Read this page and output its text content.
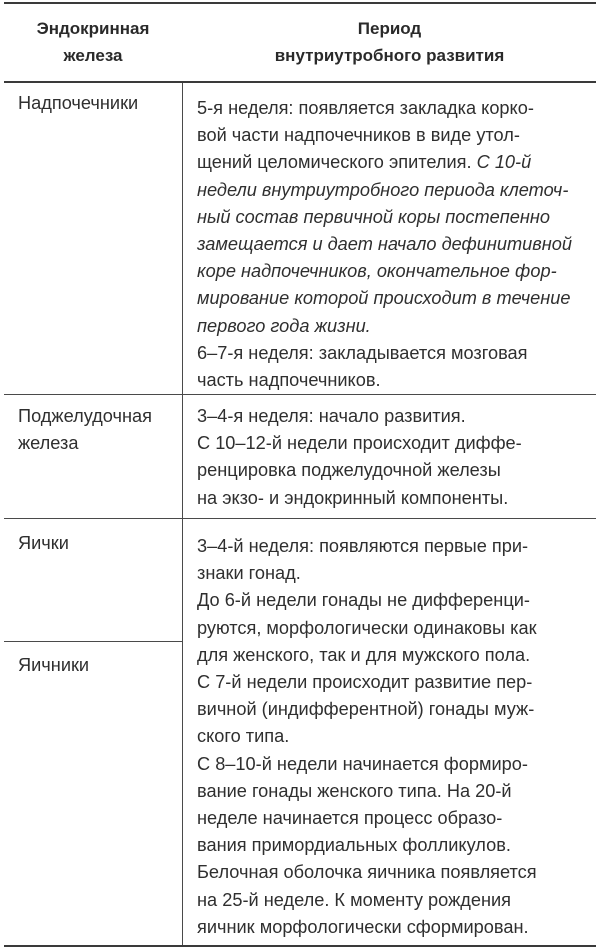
Эндокринная
железа
Период
внутриутробного развития
Надпочечники	5-я неделя: появляется закладка корко-
вой части надпочечников в виде утол-
щений целомического эпителия. С 10-й
недели внутриутробного периода клеточ-
ный состав первичной коры постепенно
замещается и дает начало дефинитивной
коре надпочечников, окончательное фор-
мирование которой происходит в течение
первого года жизни.
6–7-я неделя: закладывается мозговая
часть надпочечников.
Поджелудочная
железа
3–4-я неделя: начало развития.
С 10–12-й недели происходит диффе-
ренцировка поджелудочной железы
на экзо- и эндокринный компоненты.
Яички
Яичники
3–4-й неделя: появляются первые при-
знаки гонад.
До 6-й недели гонады не дифференци-
руются, морфологически одинаковы как
для женского, так и для мужского пола.
С 7-й недели происходит развитие пер-
вичной (индифферентной) гонады муж-
ского типа.
С 8–10-й недели начинается формиро-
вание гонады женского типа. На 20-й
неделе начинается процесс образо-
вания примордиальных фолликулов.
Белочная оболочка яичника появляется
на 25-й неделе. К моменту рождения
яичник морфологически сформирован.
